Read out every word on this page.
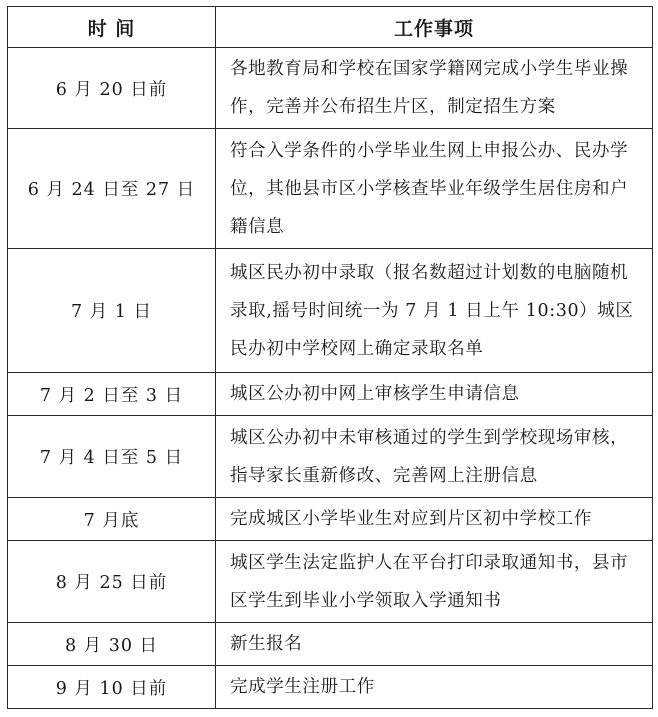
时 间	工作事项
6 月 20 日前	各地教育局和学校在国家学籍网完成小学生毕业操作，完善并公布招生片区，制定招生方案
6 月 24 日至 27 日	符合入学条件的小学毕业生网上申报公办、民办学位，其他县市区小学核查毕业年级学生居住房和户籍信息
7 月 1 日	城区民办初中录取（报名数超过计划数的电脑随机录取,摇号时间统一为 7 月 1 日上午 10:30）城区民办初中学校网上确定录取名单
7 月 2 日至 3 日	城区公办初中网上审核学生申请信息
7 月 4 日至 5 日	城区公办初中未审核通过的学生到学校现场审核，指导家长重新修改、完善网上注册信息
7 月底	完成城区小学毕业生对应到片区初中学校工作
8 月 25 日前	城区学生法定监护人在平台打印录取通知书，县市区学生到毕业小学领取入学通知书
8 月 30 日	新生报名
9 月 10 日前	完成学生注册工作
